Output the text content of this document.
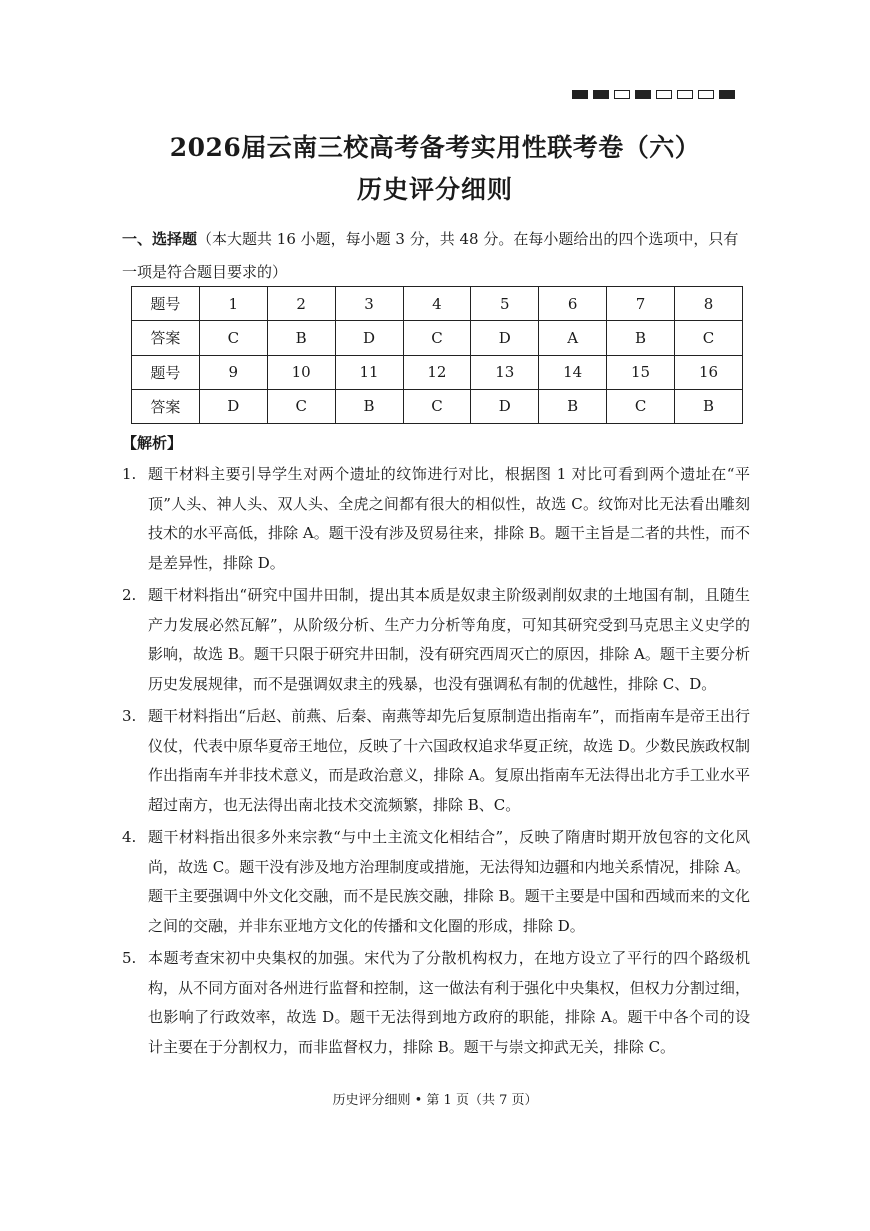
2026届云南三校高考备考实用性联考卷（六）
历史评分细则
一、选择题（本大题共 16 小题，每小题 3 分，共 48 分。在每小题给出的四个选项中，只有一项是符合题目要求的）
题号	1	2	3	4	5	6	7	8
答案	C	B	D	C	D	A	B	C
题号	9	10	11	12	13	14	15	16
答案	D	C	B	C	D	B	C	B
【解析】
1. 题干材料主要引导学生对两个遗址的纹饰进行对比，根据图 1 对比可看到两个遗址在“平顶”人头、神人头、双人头、全虎之间都有很大的相似性，故选 C。纹饰对比无法看出雕刻技术的水平高低，排除 A。题干没有涉及贸易往来，排除 B。题干主旨是二者的共性，而不是差异性，排除 D。
2. 题干材料指出“研究中国井田制，提出其本质是奴隶主阶级剥削奴隶的土地国有制，且随生产力发展必然瓦解”，从阶级分析、生产力分析等角度，可知其研究受到马克思主义史学的影响，故选 B。题干只限于研究井田制，没有研究西周灭亡的原因，排除 A。题干主要分析历史发展规律，而不是强调奴隶主的残暴，也没有强调私有制的优越性，排除 C、D。
3. 题干材料指出“后赵、前燕、后秦、南燕等却先后复原制造出指南车”，而指南车是帝王出行仪仗，代表中原华夏帝王地位，反映了十六国政权追求华夏正统，故选 D。少数民族政权制作出指南车并非技术意义，而是政治意义，排除 A。复原出指南车无法得出北方手工业水平超过南方，也无法得出南北技术交流频繁，排除 B、C。
4. 题干材料指出很多外来宗教“与中土主流文化相结合”，反映了隋唐时期开放包容的文化风尚，故选 C。题干没有涉及地方治理制度或措施，无法得知边疆和内地关系情况，排除 A。题干主要强调中外文化交融，而不是民族交融，排除 B。题干主要是中国和西域而来的文化之间的交融，并非东亚地方文化的传播和文化圈的形成，排除 D。
5. 本题考查宋初中央集权的加强。宋代为了分散机构权力，在地方设立了平行的四个路级机构，从不同方面对各州进行监督和控制，这一做法有利于强化中央集权，但权力分割过细，也影响了行政效率，故选 D。题干无法得到地方政府的职能，排除 A。题干中各个司的设计主要在于分割权力，而非监督权力，排除 B。题干与崇文抑武无关，排除 C。
历史评分细则 • 第 1 页（共 7 页）
